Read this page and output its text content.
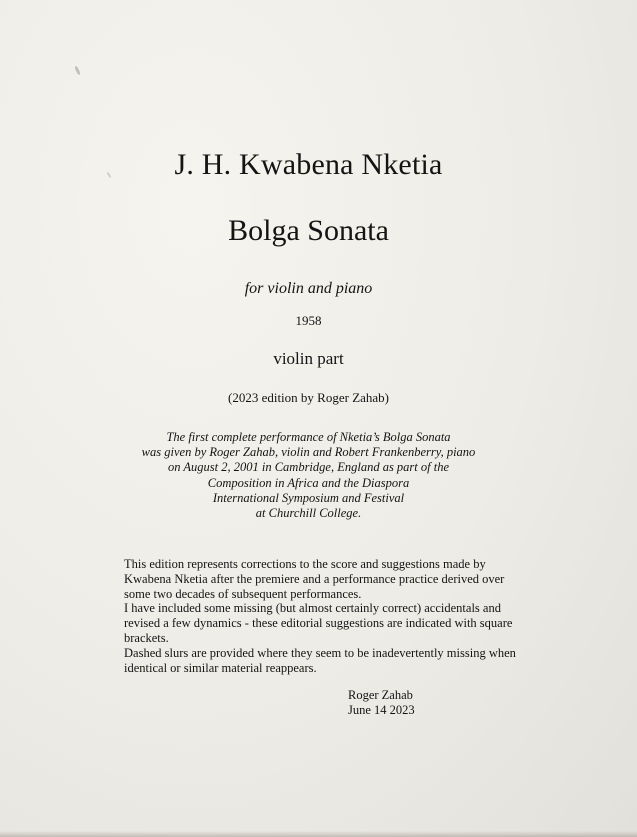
J. H. Kwabena Nketia
Bolga Sonata
for violin and piano
1958
violin part
(2023 edition by Roger Zahab)
The first complete performance of Nketia’s Bolga Sonata
was given by Roger Zahab, violin and Robert Frankenberry, piano
on August 2, 2001 in Cambridge, England as part of the
Composition in Africa and the Diaspora
International Symposium and Festival
at Churchill College.
This edition represents corrections to the score and suggestions made by
Kwabena Nketia after the premiere and a performance practice derived over
some two decades of subsequent performances.
I have included some missing (but almost certainly correct) accidentals and
revised a few dynamics - these editorial suggestions are indicated with square
brackets.
Dashed slurs are provided where they seem to be inadevertently missing when
identical or similar material reappears.
Roger Zahab
June 14 2023
